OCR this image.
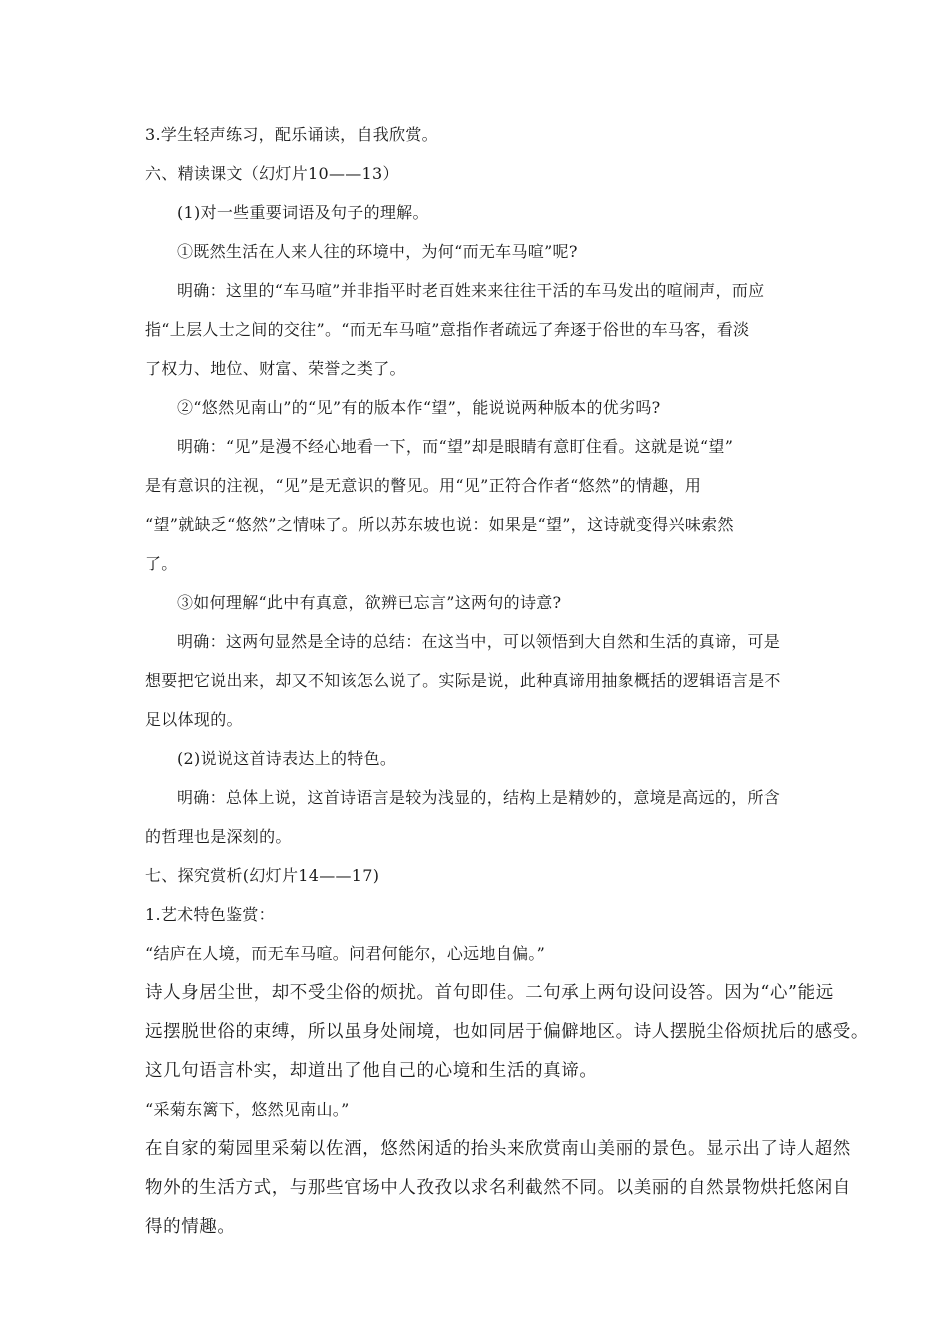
3.学生轻声练习，配乐诵读，自我欣赏。
六、精读课文（幻灯片10——13）
(1)对一些重要词语及句子的理解。
①既然生活在人来人往的环境中，为何“而无车马喧”呢?
明确：这里的“车马喧”并非指平时老百姓来来往往干活的车马发出的喧闹声，而应
指“上层人士之间的交往”。“而无车马喧”意指作者疏远了奔逐于俗世的车马客，看淡
了权力、地位、财富、荣誉之类了。
②“悠然见南山”的“见”有的版本作“望”，能说说两种版本的优劣吗?
明确：“见”是漫不经心地看一下，而“望”却是眼睛有意盯住看。这就是说“望”
是有意识的注视，“见”是无意识的瞥见。用“见”正符合作者“悠然”的情趣，用
“望”就缺乏“悠然”之情味了。所以苏东坡也说：如果是“望”，这诗就变得兴味索然
了。
③如何理解“此中有真意，欲辨已忘言”这两句的诗意?
明确：这两句显然是全诗的总结：在这当中，可以领悟到大自然和生活的真谛，可是
想要把它说出来，却又不知该怎么说了。实际是说，此种真谛用抽象概括的逻辑语言是不
足以体现的。
(2)说说这首诗表达上的特色。
明确：总体上说，这首诗语言是较为浅显的，结构上是精妙的，意境是高远的，所含
的哲理也是深刻的。
七、探究赏析(幻灯片14——17)
1.艺术特色鉴赏：
“结庐在人境，而无车马喧。问君何能尔，心远地自偏。”
诗人身居尘世，却不受尘俗的烦扰。首句即佳。二句承上两句设问设答。因为“心”能远
远摆脱世俗的束缚，所以虽身处闹境，也如同居于偏僻地区。诗人摆脱尘俗烦扰后的感受。
这几句语言朴实，却道出了他自己的心境和生活的真谛。
“采菊东篱下，悠然见南山。”
在自家的菊园里采菊以佐酒，悠然闲适的抬头来欣赏南山美丽的景色。显示出了诗人超然
物外的生活方式，与那些官场中人孜孜以求名利截然不同。以美丽的自然景物烘托悠闲自
得的情趣。
